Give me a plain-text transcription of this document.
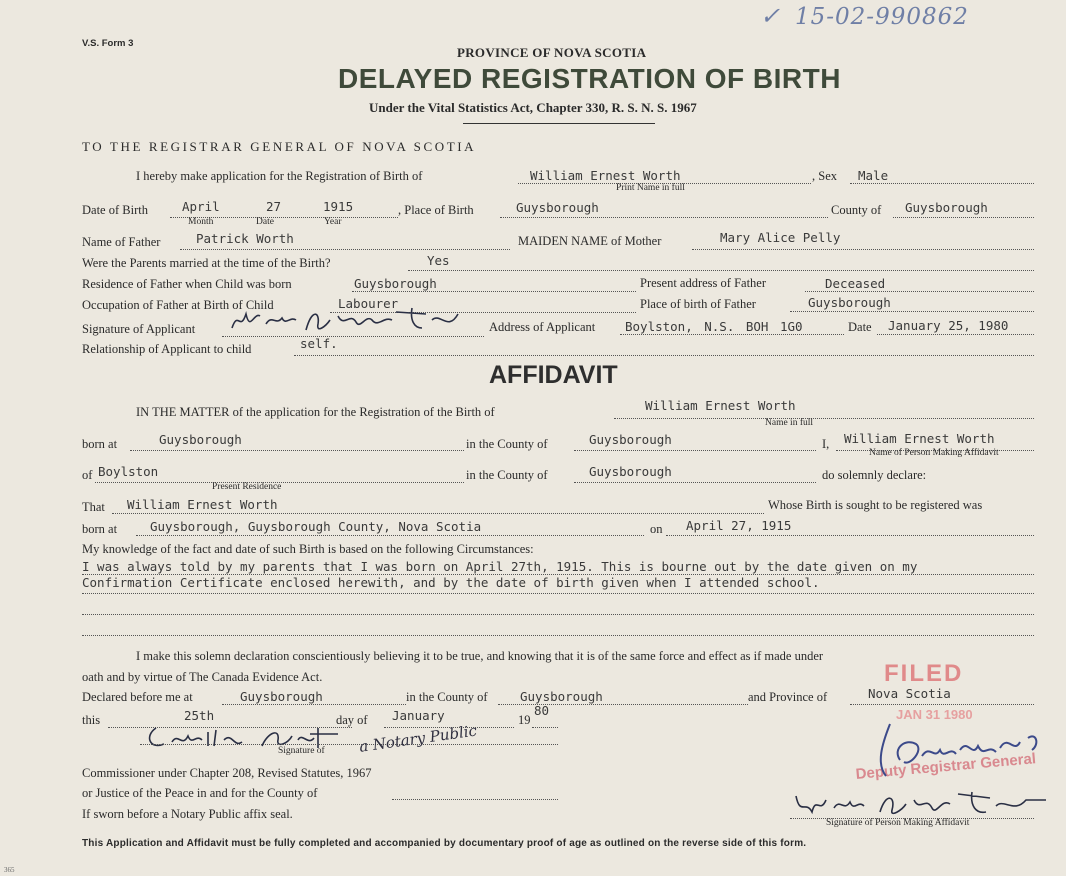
✓ 15-02-990862
V.S. Form 3
PROVINCE OF NOVA SCOTIA
DELAYED REGISTRATION OF BIRTH
Under the Vital Statistics Act, Chapter 330, R. S. N. S. 1967
TO THE REGISTRAR GENERAL OF NOVA SCOTIA
I hereby make application for the Registration of Birth of	William Ernest Worth
Print Name in full
, Sex Male
Date of Birth	April	27	1915
Month	Date	Year
, Place of Birth	Guysborough	County of Guysborough
Name of Father	Patrick Worth	MAIDEN NAME of Mother	Mary Alice Pelly
Were the Parents married at the time of the Birth?	Yes
Residence of Father when Child was born	Guysborough	Present address of Father	Deceased
Occupation of Father at Birth of Child	Labourer	Place of birth of Father	Guysborough
Signature of Applicant	Address of Applicant Boylston, N.S. BOH 1G0	Date January 25, 1980
Relationship of Applicant to child	self.
AFFIDAVIT
IN THE MATTER of the application for the Registration of the Birth of	William Ernest Worth
Name in full
born at	Guysborough	in the County of	Guysborough	I, William Ernest Worth
Name of Person Making Affidavit
of Boylston
Present Residence
in the County of	Guysborough	do solemnly declare:
That William Ernest Worth	Whose Birth is sought to be registered was
born at	Guysborough, Guysborough County, Nova Scotia	on April 27, 1915
My knowledge of the fact and date of such Birth is based on the following Circumstances:
I was always told by my parents that I was born on April 27th, 1915. This is bourne out by the date given on my
Confirmation Certificate enclosed herewith, and by the date of birth given when I attended school.
I make this solemn declaration conscientiously believing it to be true, and knowing that it is of the same force and effect as if made under
oath and by virtue of The Canada Evidence Act.
Declared before me at	Guysborough	in the County of	Guysborough	and Province of	Nova Scotia
this	25th	day of January	19
80
Signature of a Notary Public
Commissioner under Chapter 208, Revised Statutes, 1967
or Justice of the Peace in and for the County of
If sworn before a Notary Public affix seal.
FILED
JAN 31 1980
Deputy Registrar General
Signature of Person Making Affidavit
This Application and Affidavit must be fully completed and accompanied by documentary proof of age as outlined on the reverse side of this form.
365
